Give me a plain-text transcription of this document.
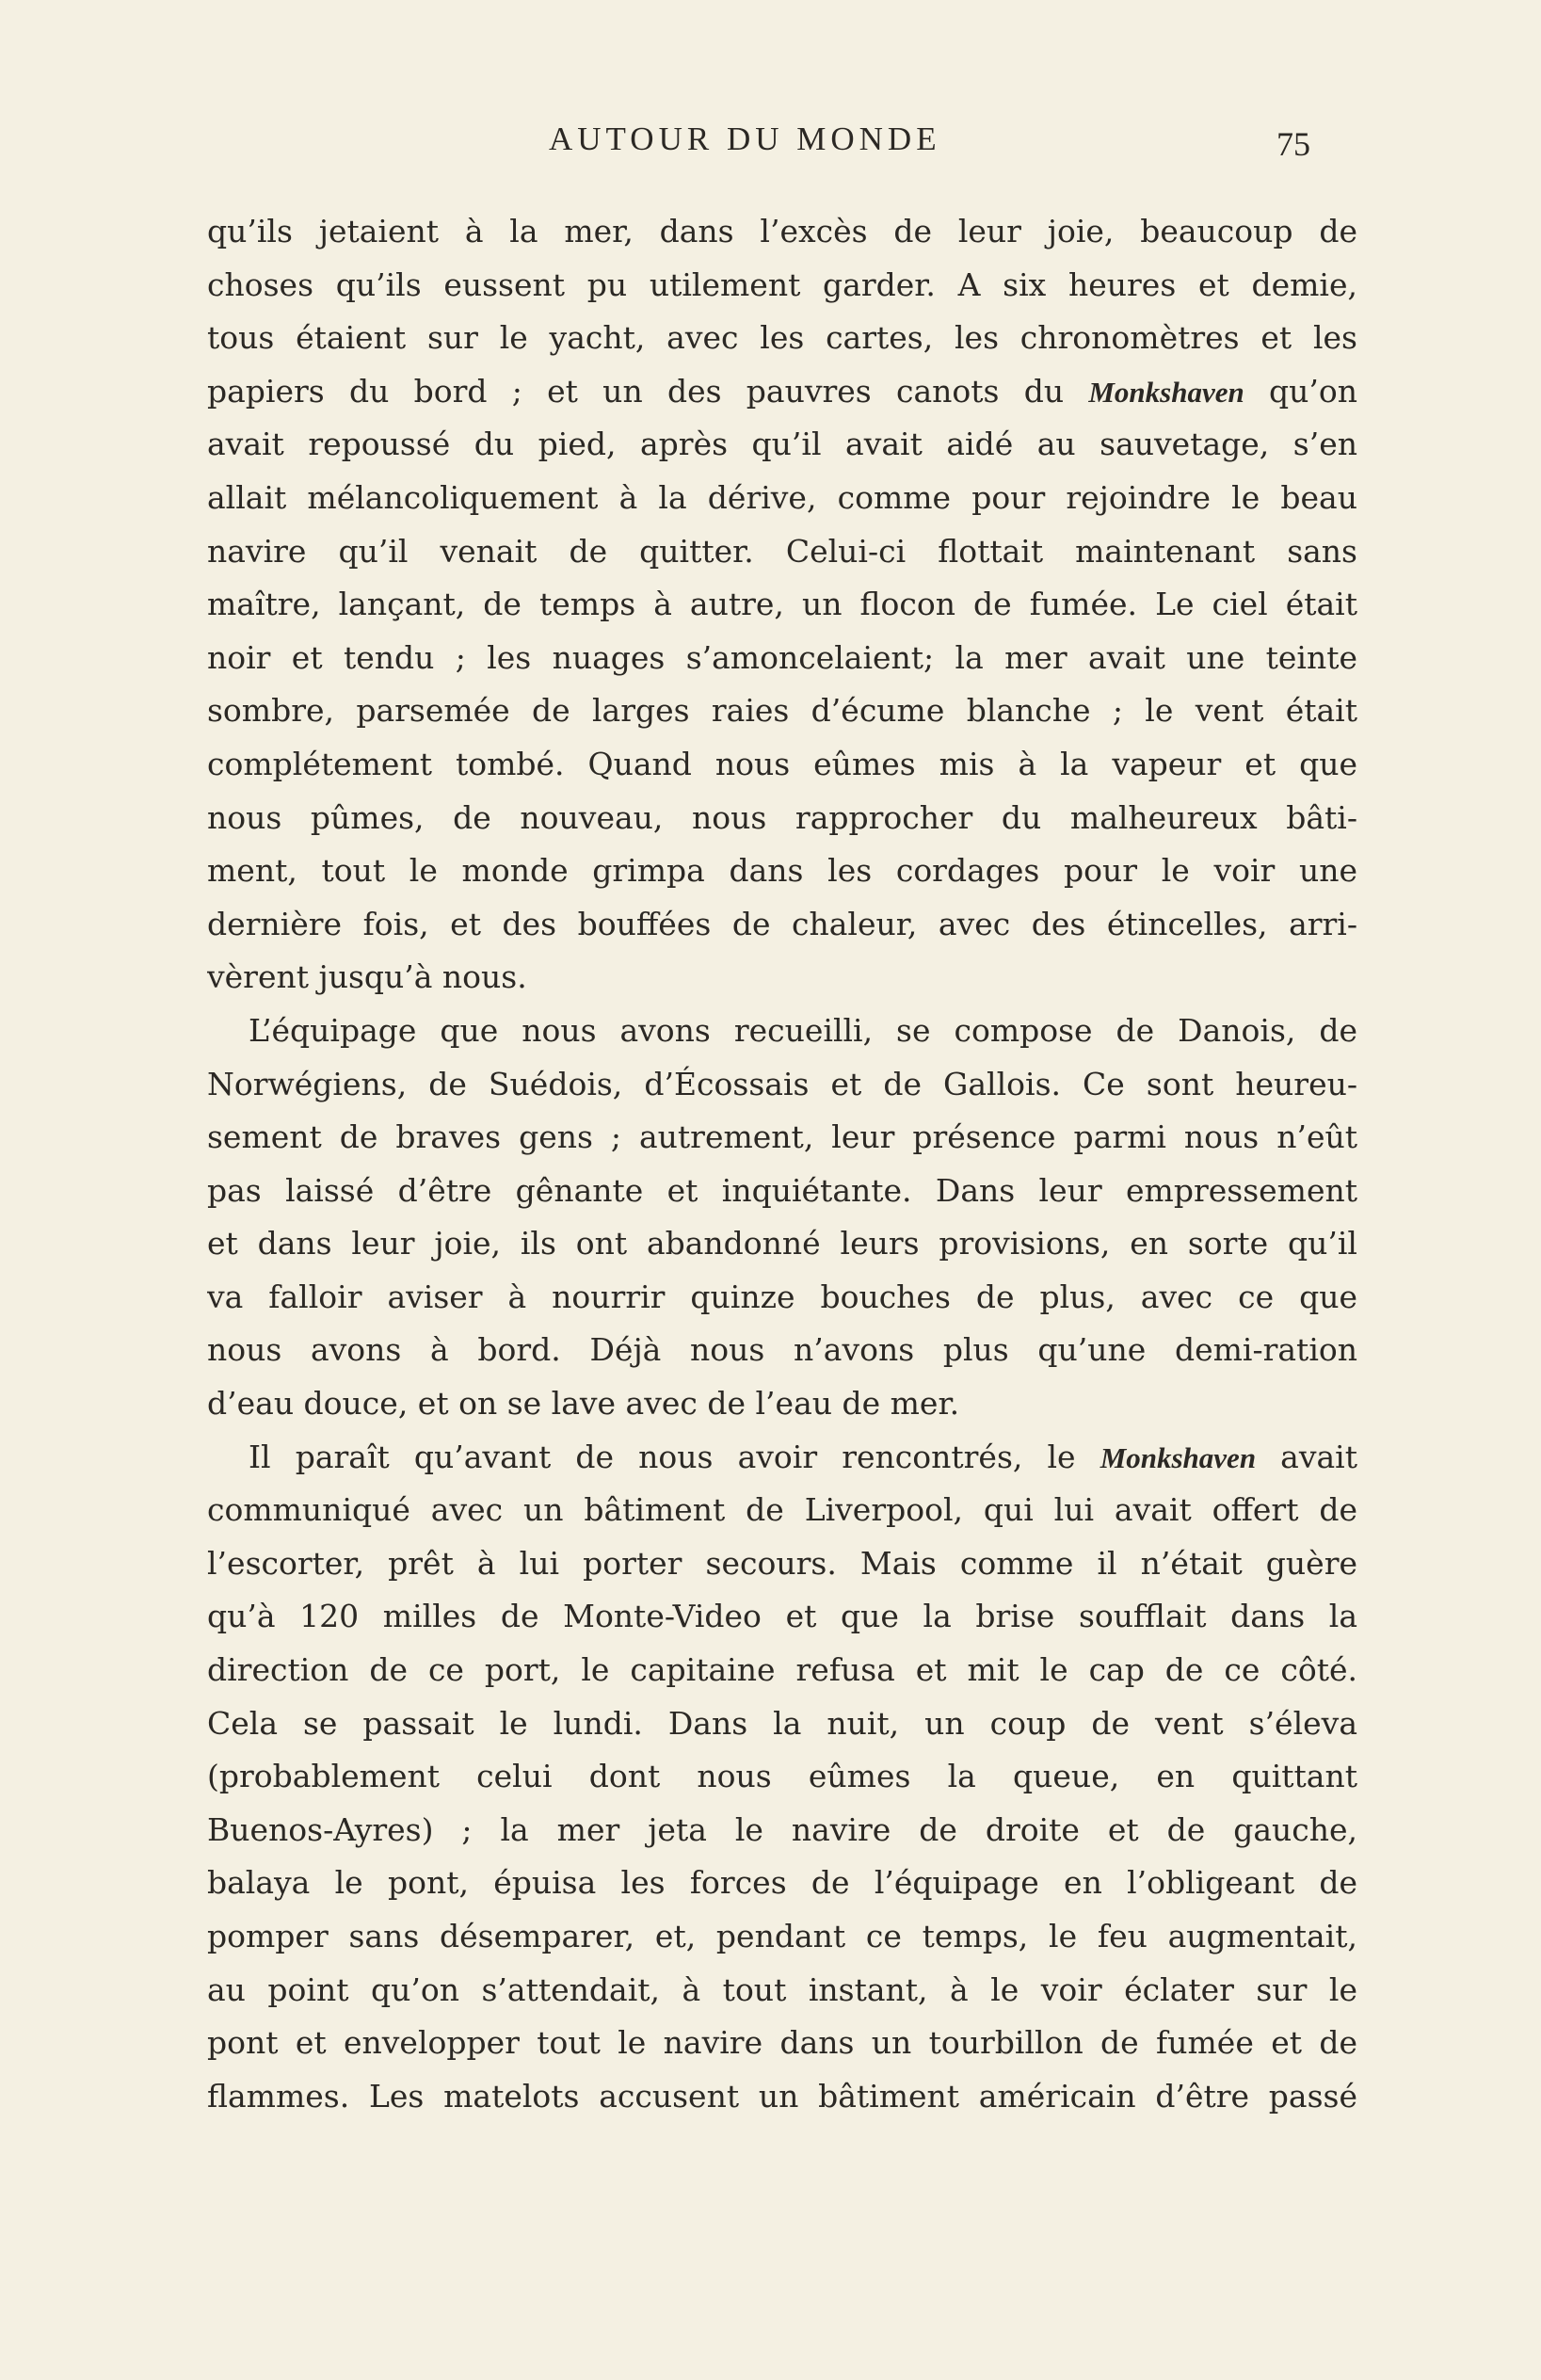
AUTOUR DU MONDE	75
qu’ils jetaient à la mer, dans l’excès de leur joie, beaucoup de
choses qu’ils eussent pu utilement garder. A six heures et demie,
tous étaient sur le yacht, avec les cartes, les chronomètres et les
papiers du bord ; et un des pauvres canots du Monkshaven qu’on
avait repoussé du pied, après qu’il avait aidé au sauvetage, s’en
allait mélancoliquement à la dérive, comme pour rejoindre le beau
navire qu’il venait de quitter. Celui-ci flottait maintenant sans
maître, lançant, de temps à autre, un flocon de fumée. Le ciel était
noir et tendu ; les nuages s’amoncelaient; la mer avait une teinte
sombre, parsemée de larges raies d’écume blanche ; le vent était
complétement tombé. Quand nous eûmes mis à la vapeur et que
nous pûmes, de nouveau, nous rapprocher du malheureux bâti-
ment, tout le monde grimpa dans les cordages pour le voir une
dernière fois, et des bouffées de chaleur, avec des étincelles, arri-
vèrent jusqu’à nous.
L’équipage que nous avons recueilli, se compose de Danois, de
Norwégiens, de Suédois, d’Écossais et de Gallois. Ce sont heureu-
sement de braves gens ; autrement, leur présence parmi nous n’eût
pas laissé d’être gênante et inquiétante. Dans leur empressement
et dans leur joie, ils ont abandonné leurs provisions, en sorte qu’il
va falloir aviser à nourrir quinze bouches de plus, avec ce que
nous avons à bord. Déjà nous n’avons plus qu’une demi-ration
d’eau douce, et on se lave avec de l’eau de mer.
Il paraît qu’avant de nous avoir rencontrés, le Monkshaven avait
communiqué avec un bâtiment de Liverpool, qui lui avait offert de
l’escorter, prêt à lui porter secours. Mais comme il n’était guère
qu’à 120 milles de Monte-Video et que la brise soufflait dans la
direction de ce port, le capitaine refusa et mit le cap de ce côté.
Cela se passait le lundi. Dans la nuit, un coup de vent s’éleva
(probablement celui dont nous eûmes la queue, en quittant
Buenos-Ayres) ; la mer jeta le navire de droite et de gauche,
balaya le pont, épuisa les forces de l’équipage en l’obligeant de
pomper sans désemparer, et, pendant ce temps, le feu augmentait,
au point qu’on s’attendait, à tout instant, à le voir éclater sur le
pont et envelopper tout le navire dans un tourbillon de fumée et de
flammes. Les matelots accusent un bâtiment américain d’être passé
